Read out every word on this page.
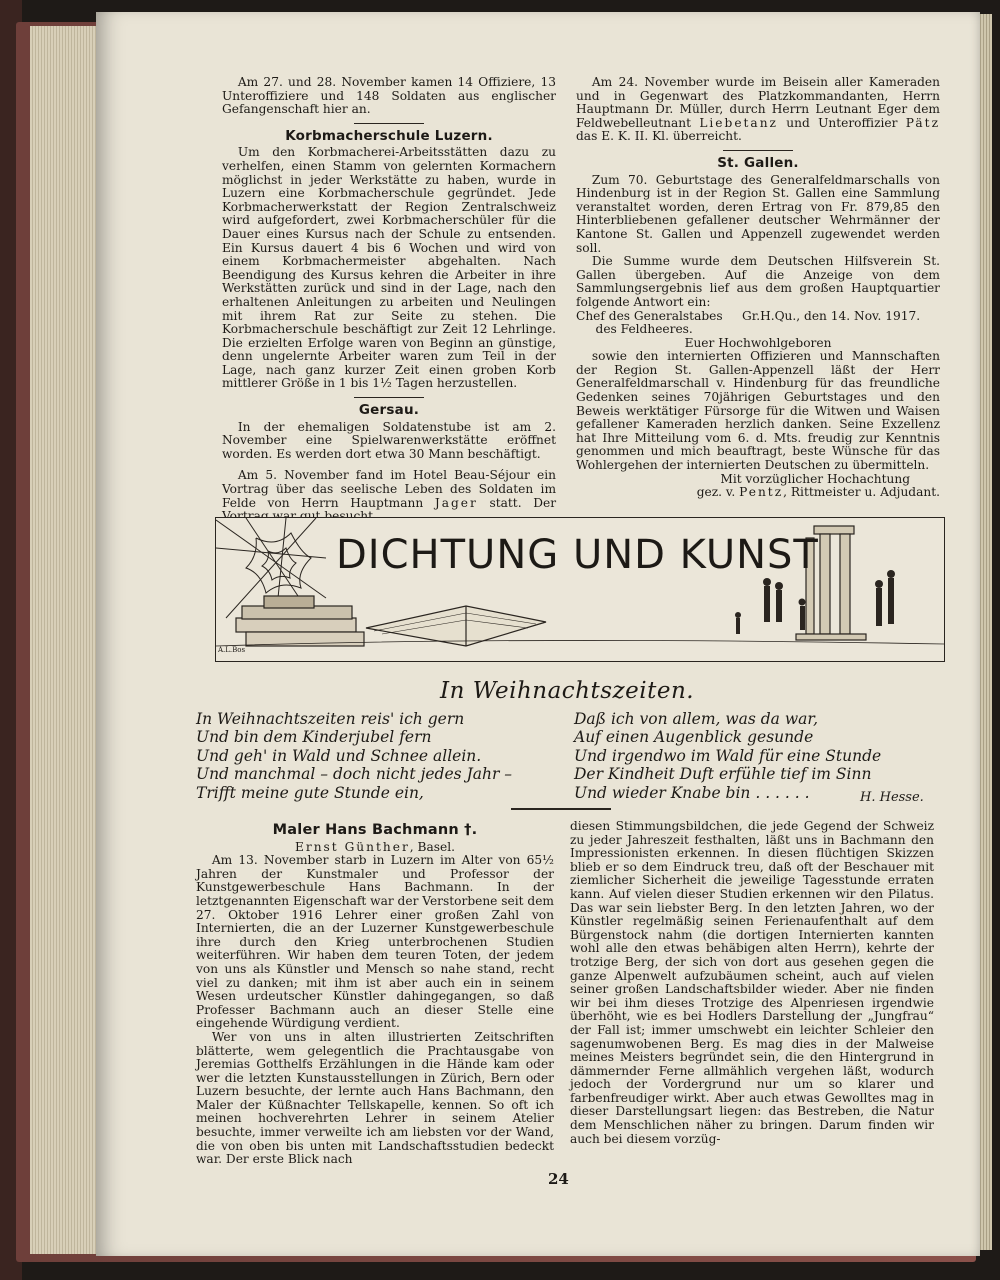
Am 27. und 28. November kamen 14 Offiziere, 13 Unteroffiziere und 148 Soldaten aus englischer Gefangenschaft hier an.

Korbmacherschule Luzern.

Um den Korbmacherei-Arbeitsstätten dazu zu verhelfen, einen Stamm von gelernten Kormachern möglichst in jeder Werkstätte zu haben, wurde in Luzern eine Korbmacherschule gegründet. Jede Korbmacherwerkstatt der Region Zentralschweiz wird aufgefordert, zwei Korbmacherschüler für die Dauer eines Kursus nach der Schule zu entsenden. Ein Kursus dauert 4 bis 6 Wochen und wird von einem Korbmachermeister abgehalten. Nach Beendigung des Kursus kehren die Arbeiter in ihre Werkstätten zurück und sind in der Lage, nach den erhaltenen Anleitungen zu arbeiten und Neulingen mit ihrem Rat zur Seite zu stehen. Die Korbmacherschule beschäftigt zur Zeit 12 Lehrlinge. Die erzielten Erfolge waren von Beginn an günstige, denn ungelernte Arbeiter waren zum Teil in der Lage, nach ganz kurzer Zeit einen groben Korb mittlerer Größe in 1 bis 1½ Tagen herzustellen.

Gersau.

In der ehemaligen Soldatenstube ist am 2. November eine Spielwarenwerkstätte eröffnet worden. Es werden dort etwa 30 Mann beschäftigt.

Am 5. November fand im Hotel Beau-Séjour ein Vortrag über das seelische Leben des Soldaten im Felde von Herrn Hauptmann Jager statt. Der

Am 24. November wurde im Beisein aller Kameraden und in Gegenwart des Platzkommandanten, Herrn Hauptmann Dr. Müller, durch Herrn Leutnant Eger dem Feldwebelleutnant Liebetanz und Unteroffizier Pätz das E. K. II. Kl. überreicht.

St. Gallen.

Zum 70. Geburtstage des Generalfeldmarschalls von Hindenburg ist in der Region St. Gallen eine Sammlung veranstaltet worden, deren Ertrag von Fr. 879,85 den Hinterbliebenen gefallener deutscher Wehrmänner der Kantone St. Gallen und Appenzell zugewendet werden soll.

Die Summe wurde dem Deutschen Hilfsverein St. Gallen übergeben. Auf die Anzeige von dem Sammlungsergebnis lief aus dem großen Hauptquartier folgende Antwort ein:

Chef des Generalstabes     Gr.H.Qu., den 14. Nov. 1917.

des Feldheeres.

Euer Hochwohlgeboren

sowie den internierten Offizieren und Mannschaften der Region St. Gallen-Appenzell läßt der Herr Generalfeldmarschall v. Hindenburg für das freundliche Gedenken seines 70jährigen Geburtstages und den Beweis werktätiger Fürsorge für die Witwen und Waisen gefallener Kameraden herzlich danken. Seine Exzellenz hat Ihre Mitteilung vom 6. d. Mts. freudig zur Kenntnis genommen und mich beauftragt, beste Wünsche für das Wohlergehen der internierten Deutschen zu übermitteln.

Mit vorzüglicher Hochachtung

gez. v. Pentz, Rittmeister u. Adjudant.

DICHTUNG UND KUNST
A.L.Bos
In Weihnachtszeiten.
In Weihnachtszeiten reis' ich gern
Und bin dem Kinderjubel fern
Und geh' in Wald und Schnee allein.
Und manchmal – doch nicht jedes Jahr –
Trifft meine gute Stunde ein,
Daß ich von allem, was da war,
Auf einen Augenblick gesunde
Und irgendwo im Wald für eine Stunde
Der Kindheit Duft erfühle tief im Sinn
Und wieder Knabe bin . . . . . .	H. Hesse.
Maler Hans Bachmann †.

Ernst Günther, Basel.

Am 13. November starb in Luzern im Alter von 65½ Jahren der Kunstmaler und Professor der Kunstgewerbeschule Hans Bachmann. In der letztgenannten Eigenschaft war der Verstorbene seit dem 27. Oktober 1916 Lehrer einer großen Zahl von Internierten, die an der Luzerner Kunstgewerbeschule ihre durch den Krieg unterbrochenen Studien weiterführen. Wir haben dem teuren Toten, der jedem von uns als Künstler und Mensch so nahe stand, recht viel zu danken; mit ihm ist aber auch ein in seinem Wesen urdeutscher Künstler dahingegangen, so daß Professer Bachmann auch an dieser Stelle eine eingehende Würdigung verdient.

Wer von uns in alten illustrierten Zeitschriften blätterte, wem gelegentlich die Prachtausgabe von Jeremias Gotthelfs Erzählungen in die Hände kam oder wer die letzten Kunstausstellungen in Zürich, Bern oder Luzern besuchte, der lernte auch Hans Bachmann, den Maler der Küßnachter Tellskapelle, kennen. So oft ich meinen hochverehrten Lehrer in seinem Atelier besuchte, immer verweilte ich am liebsten vor der Wand, die von oben bis unten mit Landschaftsstudien bedeckt war. Der erste Blick nach

diesen Stimmungsbildchen, die jede Gegend der Schweiz zu jeder Jahreszeit festhalten, läßt uns in Bachmann den Impressionisten erkennen. In diesen flüchtigen Skizzen blieb er so dem Eindruck treu, daß oft der Beschauer mit ziemlicher Sicherheit die jeweilige Tagesstunde erraten kann. Auf vielen dieser Studien erkennen wir den Pilatus. Das war sein liebster Berg. In den letzten Jahren, wo der Künstler regelmäßig seinen Ferienaufenthalt auf dem Bürgenstock nahm (die dortigen Internierten kannten wohl alle den etwas behäbigen alten Herrn), kehrte der trotzige Berg, der sich von dort aus gesehen gegen die ganze Alpenwelt aufzubäumen scheint, auch auf vielen seiner großen Landschaftsbilder wieder. Aber nie finden wir bei ihm dieses Trotzige des Alpenriesen irgendwie überhöht, wie es bei Hodlers Darstellung der „Jungfrau“ der Fall ist; immer umschwebt ein leichter Schleier den sagenumwobenen Berg. Es mag dies in der Malweise meines Meisters begründet sein, die den Hintergrund in dämmernder Ferne allmählich vergehen läßt, wodurch jedoch der Vordergrund nur um so klarer und farbenfreudiger wirkt. Aber auch etwas Gewolltes mag in dieser Darstellungsart liegen: das Bestreben, die Natur dem Menschlichen näher zu bringen. Darum finden wir auch bei diesem vorzüg-

24
